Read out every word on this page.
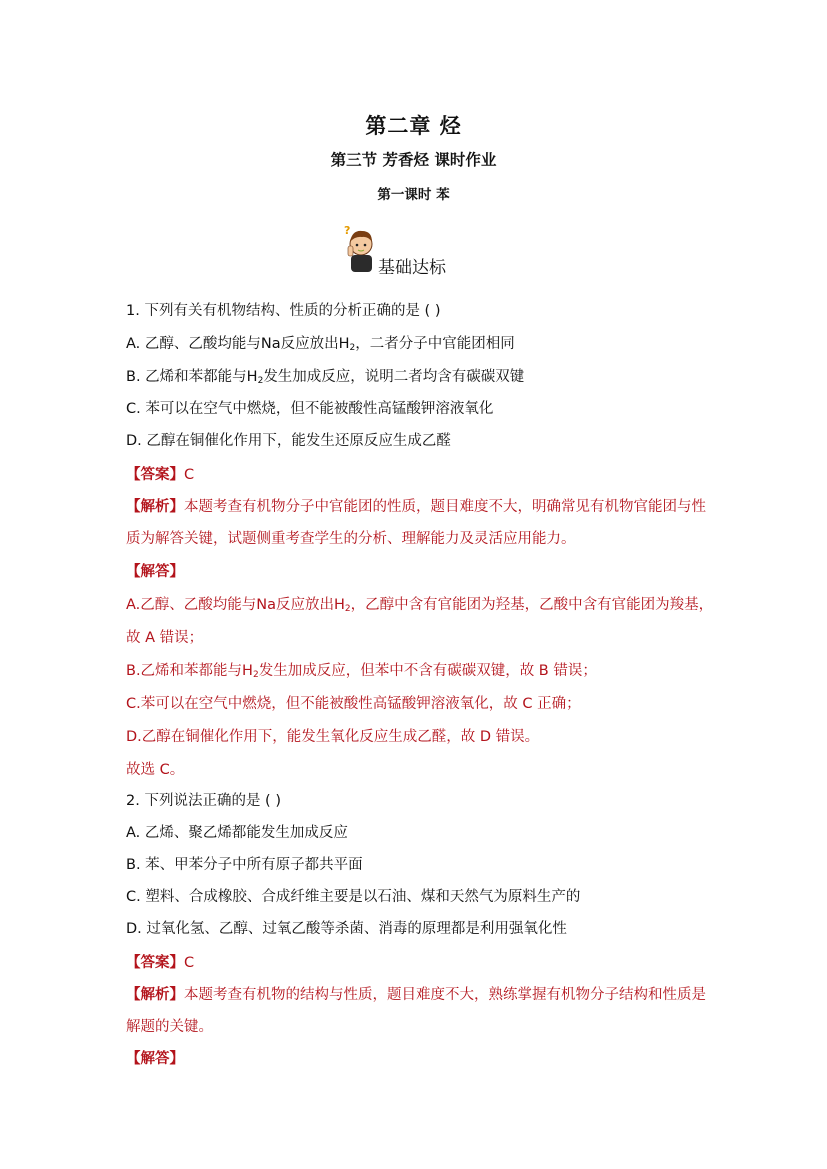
第二章 烃
第三节 芳香烃 课时作业
第一课时 苯
?
基础达标
1. 下列有关有机物结构、性质的分析正确的是 ( )
A. 乙醇、乙酸均能与Na反应放出$H_2$，二者分子中官能团相同
B. 乙烯和苯都能与$H_2$发生加成反应，说明二者均含有碳碳双键
C. 苯可以在空气中燃烧，但不能被酸性高锰酸钾溶液氧化
D. 乙醇在铜催化作用下，能发生还原反应生成乙醛
【答案】C
【解析】本题考查有机物分子中官能团的性质，题目难度不大，明确常见有机物官能团与性
质为解答关键，试题侧重考查学生的分析、理解能力及灵活应用能力。
【解答】
A.乙醇、乙酸均能与Na反应放出$H_2$，乙醇中含有官能团为羟基，乙酸中含有官能团为羧基，
故 A 错误；
B.乙烯和苯都能与$H_2$发生加成反应，但苯中不含有碳碳双键，故 B 错误；
C.苯可以在空气中燃烧，但不能被酸性高锰酸钾溶液氧化，故 C 正确；
D.乙醇在铜催化作用下，能发生氧化反应生成乙醛，故 D 错误。
故选 C。
2. 下列说法正确的是 ( )
A. 乙烯、聚乙烯都能发生加成反应
B. 苯、甲苯分子中所有原子都共平面
C. 塑料、合成橡胶、合成纤维主要是以石油、煤和天然气为原料生产的
D. 过氧化氢、乙醇、过氧乙酸等杀菌、消毒的原理都是利用强氧化性
【答案】C
【解析】本题考查有机物的结构与性质，题目难度不大，熟练掌握有机物分子结构和性质是
解题的关键。
【解答】
